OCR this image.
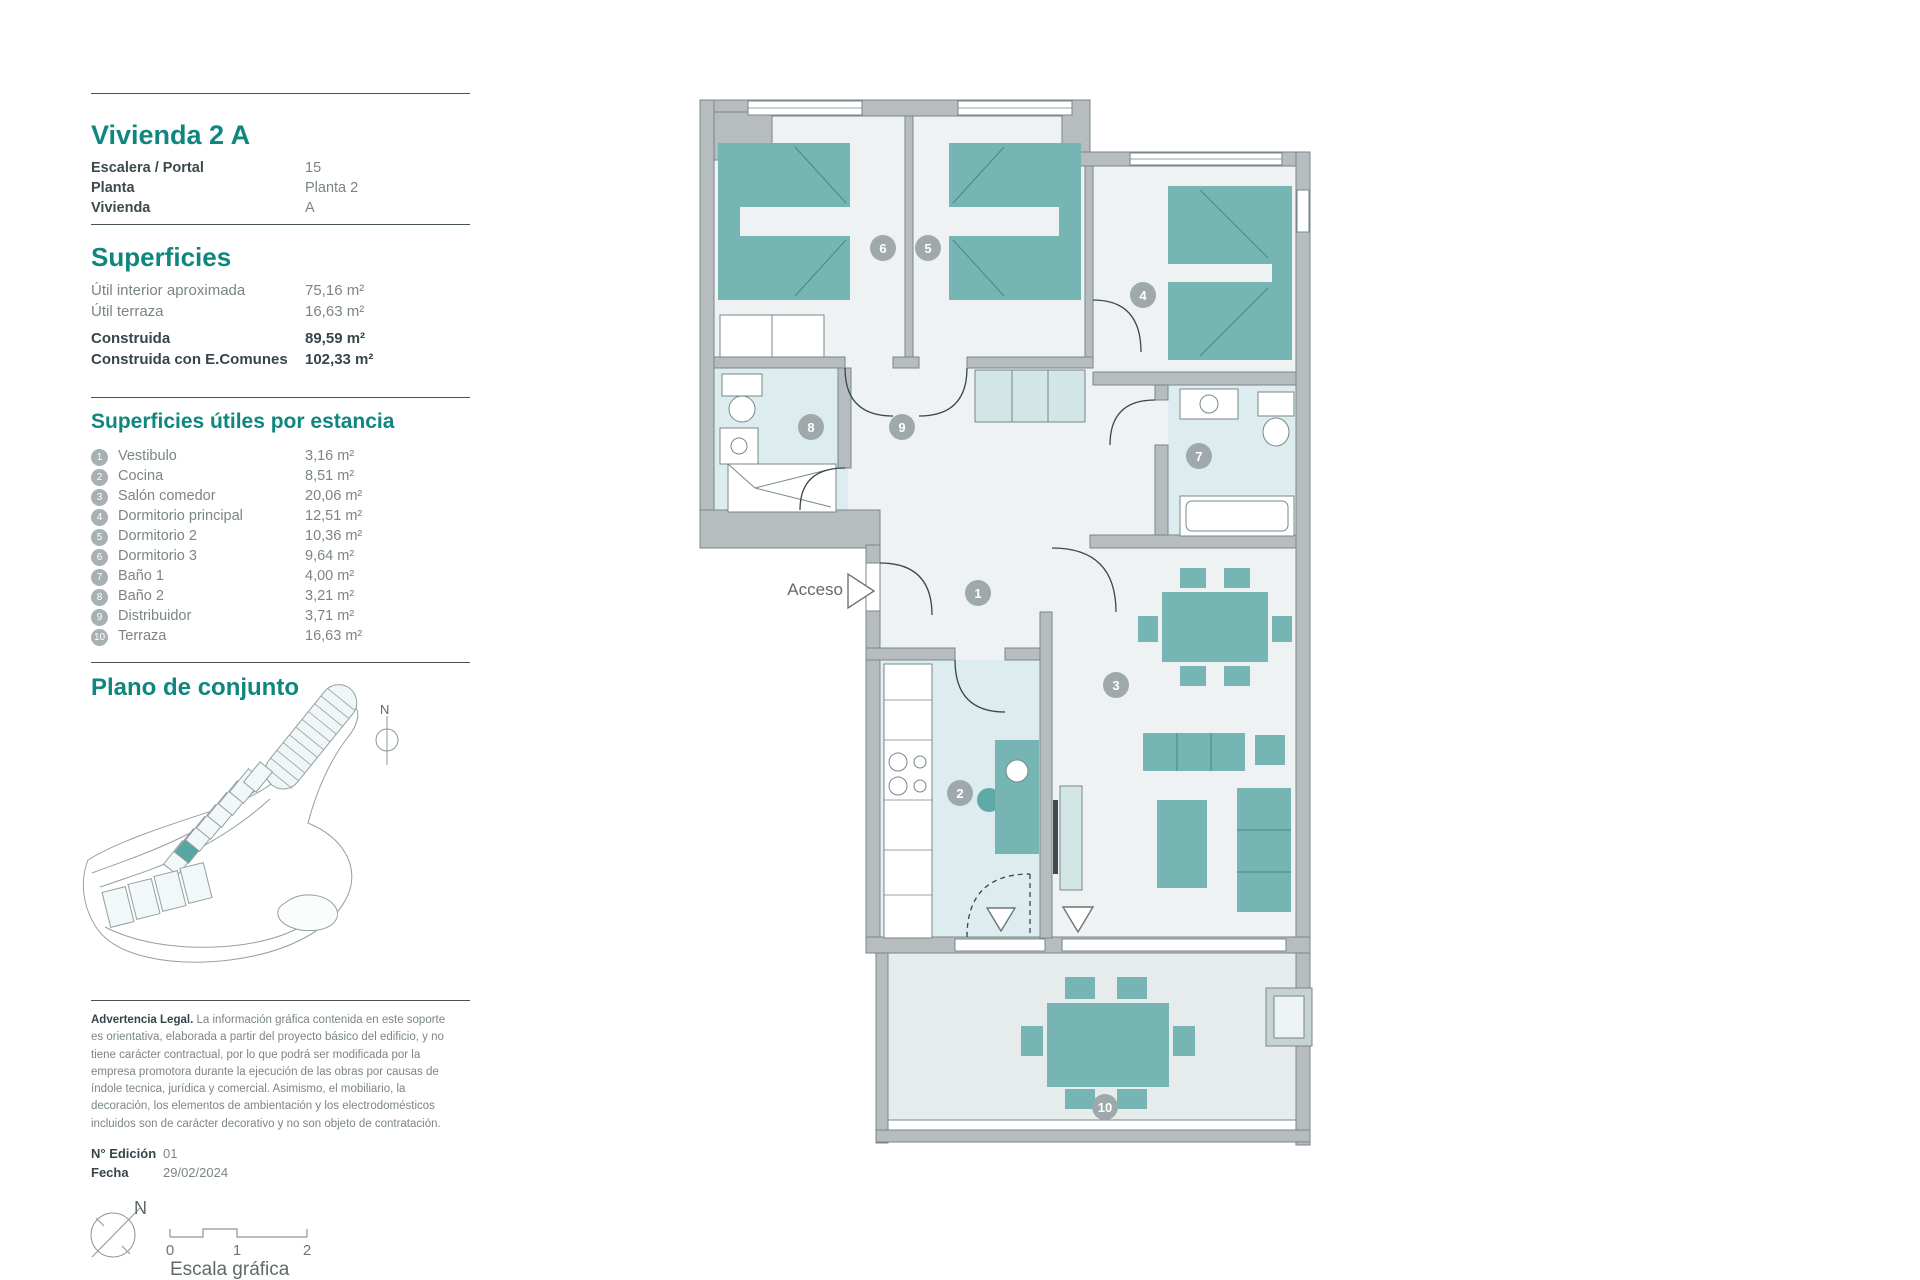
N
N
Vivienda 2 A
Escalera / Portal	15
Planta	Planta 2
Vivienda	A
Superficies
Útil interior aproximada	75,16 m²
Útil terraza	16,63 m²
Construida	89,59 m²
Construida con E.Comunes 102,33 m²
Superficies útiles por estancia
1	Vestibulo	3,16 m²
2	Cocina	8,51 m²
3	Salón comedor	20,06 m²
4	Dormitorio principal	12,51 m²
5	Dormitorio 2	10,36 m²
6	Dormitorio 3	9,64 m²
7	Baño 1	4,00 m²
8	Baño 2	3,21 m²
9	Distribuidor	3,71 m²
10 Terraza	16,63 m²
Plano de conjunto
Advertencia Legal. La información gráfica contenida en este soporte es orientativa, elaborada a partir del proyecto básico del edificio, y no tiene carácter contractual, por lo que podrá ser modificada por la empresa promotora durante la ejecución de las obras por causas de índole tecnica, jurídica y comercial. Asimismo, el mobiliario, la decoración, los elementos de ambientación y los electrodomésticos incluidos son de carácter decorativo y no son objeto de contratación.
N° Edición 01
Fecha	29/02/2024
0	1	2
Escala gráfica
Acceso	1
2
3
4
5
6
7
8	9
10
